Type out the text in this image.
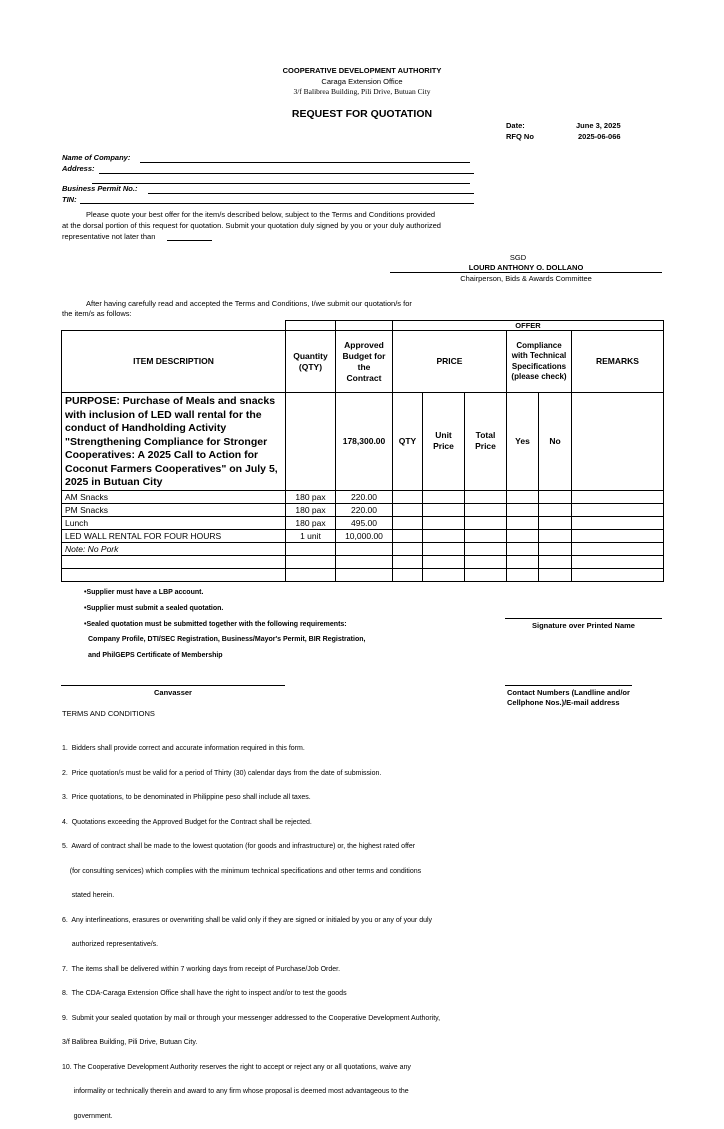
COOPERATIVE DEVELOPMENT AUTHORITY
Caraga Extension Office
3/f Balibrea Building, Pili Drive, Butuan City
REQUEST FOR QUOTATION
Date:	June 3, 2025
RFQ No	2025-06-066
Name of Company:
Address:
Business Permit No.:
TIN:
Please quote your best offer for the item/s described below, subject to the Terms and Conditions provided
at the dorsal portion of this request for quotation. Submit your quotation duly signed by you or your duly authorized
representative not later than
SGD
LOURD ANTHONY O. DOLLANO
Chairperson, Bids & Awards Committee
After having carefully read and accepted the Terms and Conditions, I/we submit our quotation/s for
the item/s as follows:
			OFFER					
ITEM DESCRIPTION	Quantity (QTY)	Approved Budget for the Contract	PRICE			Compliance with Technical Specifications (please check)		REMARKS
PURPOSE: Purchase of Meals and snacks with inclusion of LED wall rental for the conduct of Handholding Activity "Strengthening Compliance for Stronger Cooperatives: A 2025 Call to Action for Coconut Farmers Cooperatives" on July 5, 2025 in Butuan City		178,300.00	QTY	Unit Price	Total Price	Yes	No	
AM Snacks	180 pax	220.00						
PM Snacks	180 pax	220.00						
Lunch	180 pax	495.00						
LED WALL RENTAL FOR FOUR HOURS	1 unit	10,000.00						
Note: No Pork								

•Supplier must have a LBP account.
•Supplier must submit a sealed quotation.
•Sealed quotation must be submitted together with the following requirements:
Company Profile, DTI/SEC Registration, Business/Mayor's Permit, BIR Registration,
and PhilGEPS Certificate of Membership
Signature over Printed Name
Canvasser	Contact Numbers (Landline and/or
Cellphone Nos.)/E-mail address
TERMS AND CONDITIONS

1.  Bidders shall provide correct and accurate information required in this form.

2.  Price quotation/s must be valid for a period of Thirty (30) calendar days from the date of submission.

3.  Price quotations, to be denominated in Philippine peso shall include all taxes.

4.  Quotations exceeding the Approved Budget for the Contract shall be rejected.

5.  Award of contract shall be made to the lowest quotation (for goods and infrastructure) or, the highest rated offer

(for consulting services) which complies with the minimum technical specifications and other terms and conditions

stated herein.

6.  Any interlineations, erasures or overwriting shall be valid only if they are signed or initialed by you or any of your duly

authorized representative/s.

7.  The items shall be delivered within 7 working days from receipt of Purchase/Job Order.

8.  The CDA-Caraga Extension Office shall have the right to inspect and/or to test the goods

9.  Submit your sealed quotation by mail or through your messenger addressed to the Cooperative Development Authority,

3/f Balibrea Building, Pili Drive, Butuan City.

10. The Cooperative Development Authority reserves the right to accept or reject any or all quotations, waive any

informality or technically therein and award to any firm whose proposal is deemed most advantageous to the

government.
